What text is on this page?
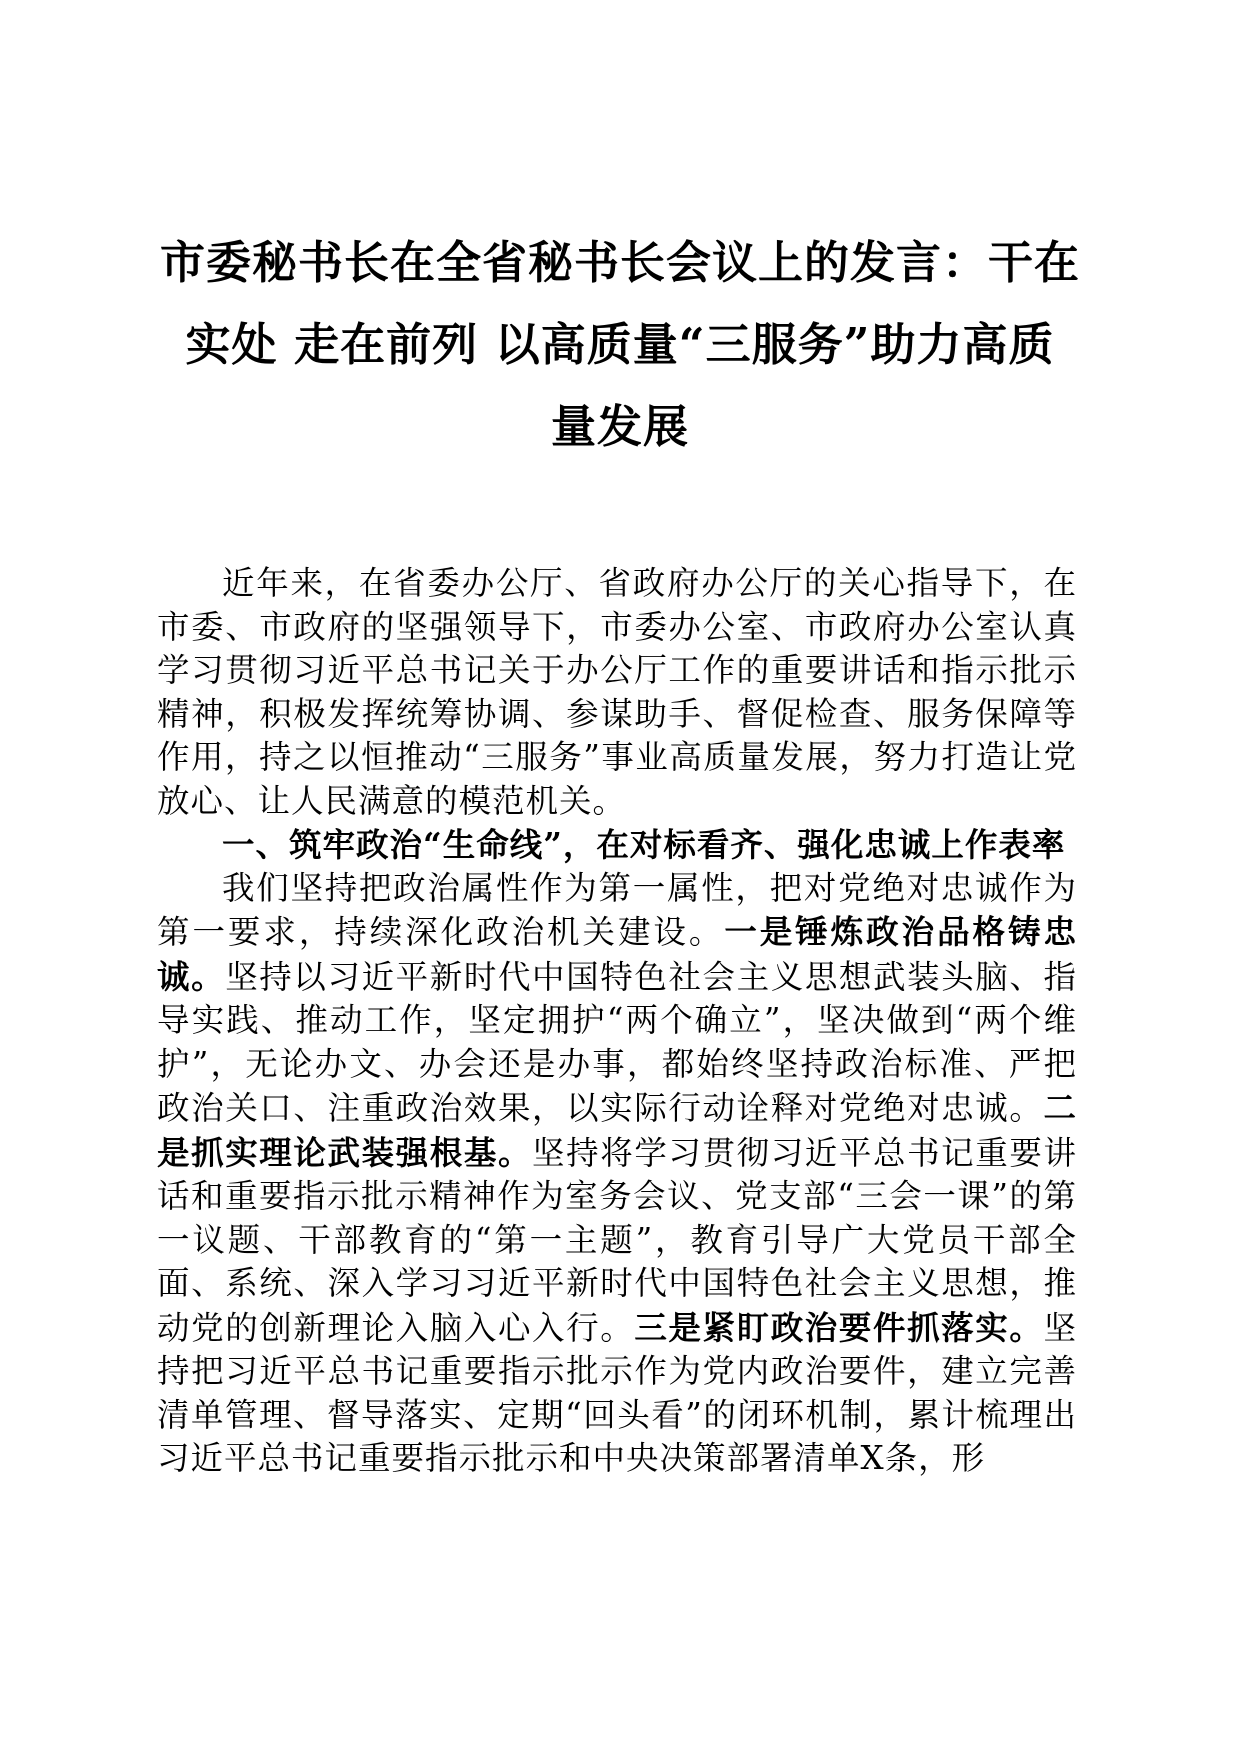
市委秘书长在全省秘书长会议上的发言：干在
实处 走在前列 以高质量“三服务”助力高质
量发展

近年来，在省委办公厅、省政府办公厅的关心指导下，在市委、市政府的坚强领导下，市委办公室、市政府办公室认真学习贯彻习近平总书记关于办公厅工作的重要讲话和指示批示精神，积极发挥统筹协调、参谋助手、督促检查、服务保障等作用，持之以恒推动“三服务”事业高质量发展，努力打造让党放心、让人民满意的模范机关。

一、筑牢政治“生命线”，在对标看齐、强化忠诚上作表率

我们坚持把政治属性作为第一属性，把对党绝对忠诚作为第一要求，持续深化政治机关建设。一是锤炼政治品格铸忠诚。坚持以习近平新时代中国特色社会主义思想武装头脑、指导实践、推动工作，坚定拥护“两个确立”，坚决做到“两个维护”，无论办文、办会还是办事，都始终坚持政治标准、严把政治关口、注重政治效果，以实际行动诠释对党绝对忠诚。二是抓实理论武装强根基。坚持将学习贯彻习近平总书记重要讲话和重要指示批示精神作为室务会议、党支部“三会一课”的第一议题、干部教育的“第一主题”，教育引导广大党员干部全面、系统、深入学习习近平新时代中国特色社会主义思想，推动党的创新理论入脑入心入行。三是紧盯政治要件抓落实。坚持把习近平总书记重要指示批示作为党内政治要件，建立完善清单管理、督导落实、定期“回头看”的闭环机制，累计梳理出习近平总书记重要指示批示和中央决策部署清单X条，形
